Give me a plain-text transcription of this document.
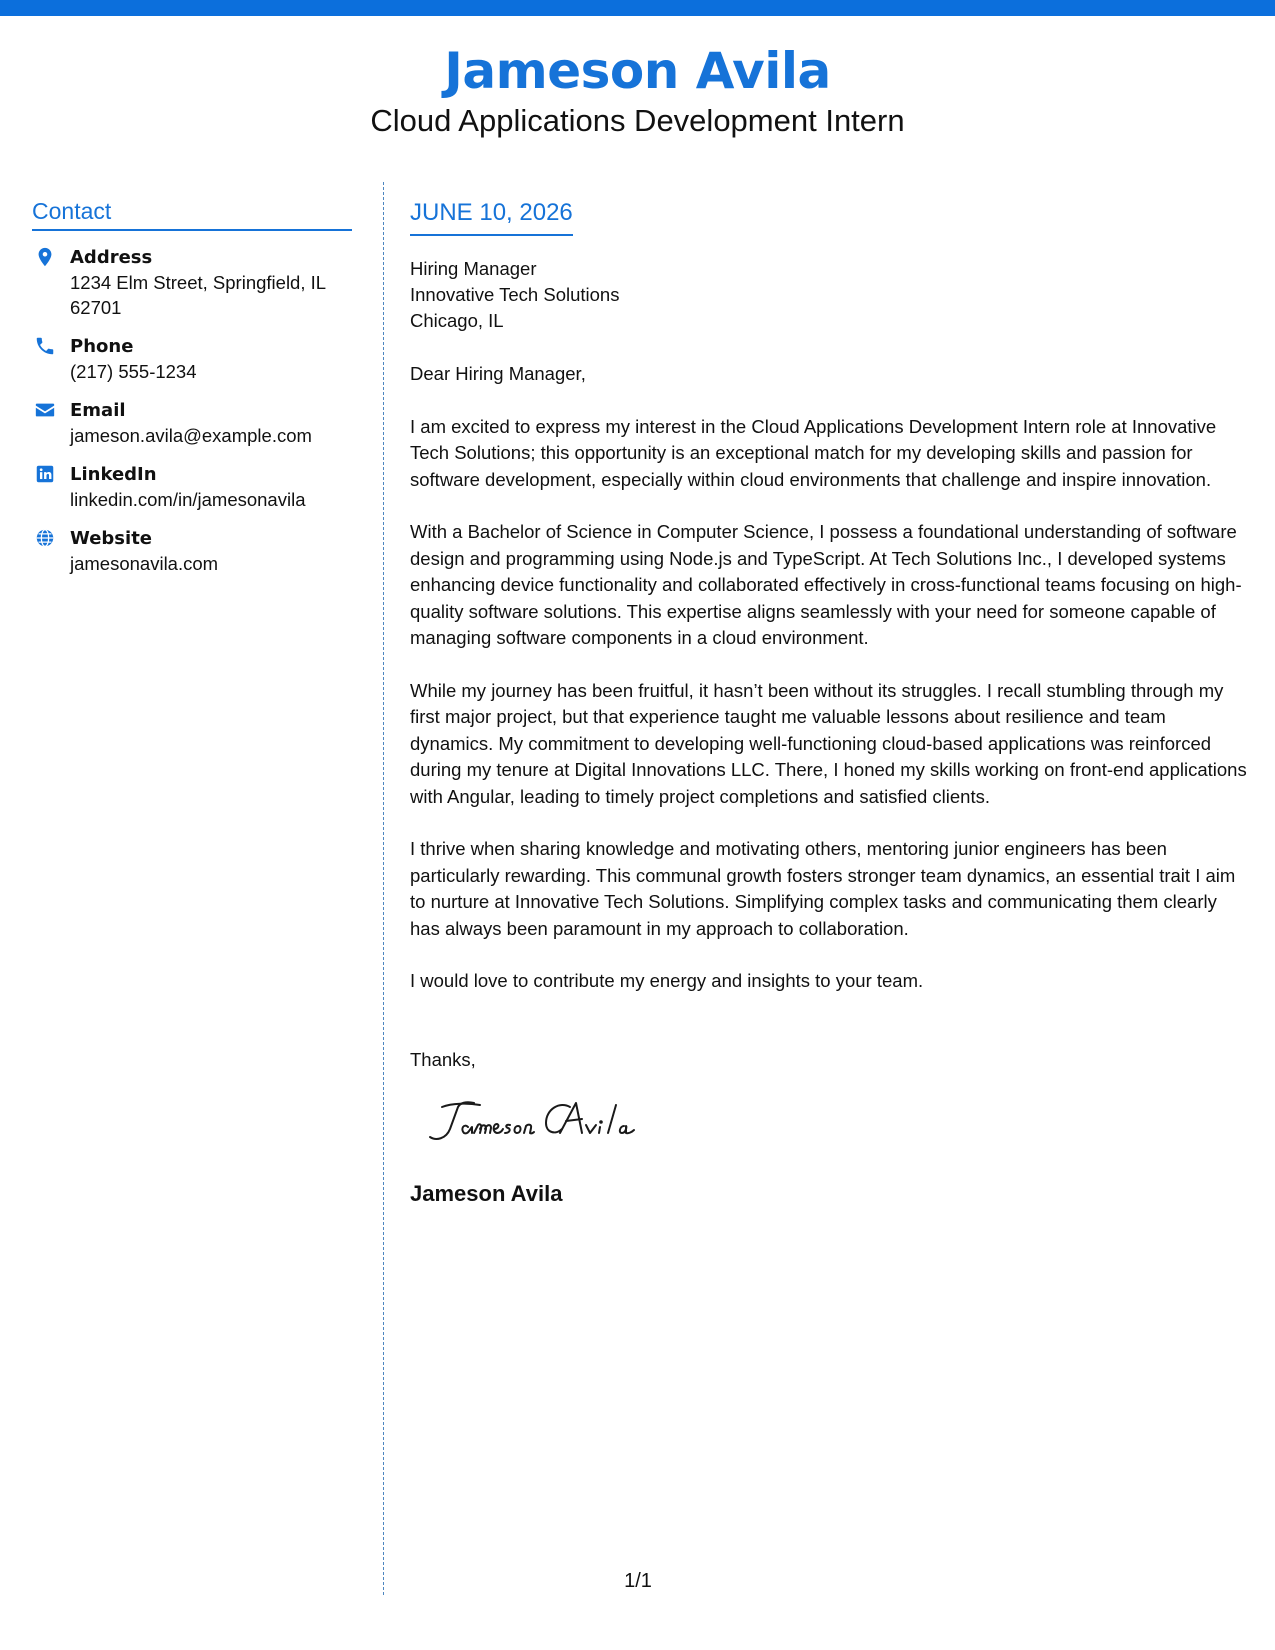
Jameson Avila
Cloud Applications Development Intern
Contact
Address
1234 Elm Street, Springfield, IL
62701
Phone
(217) 555-1234
Email
jameson.avila@example.com
LinkedIn
linkedin.com/in/jamesonavila
Website
jamesonavila.com
JUNE 10, 2026
Hiring Manager
Innovative Tech Solutions
Chicago, IL
Dear Hiring Manager,
I am excited to express my interest in the Cloud Applications Development Intern role at Innovative Tech Solutions; this opportunity is an exceptional match for my developing skills and passion for software development, especially within cloud environments that challenge and inspire innovation.
With a Bachelor of Science in Computer Science, I possess a foundational understanding of software design and programming using Node.js and TypeScript. At Tech Solutions Inc., I developed systems enhancing device functionality and collaborated effectively in cross-functional teams focusing on high-quality software solutions. This expertise aligns seamlessly with your need for someone capable of managing software components in a cloud environment.
While my journey has been fruitful, it hasn’t been without its struggles. I recall stumbling through my first major project, but that experience taught me valuable lessons about resilience and team dynamics. My commitment to developing well-functioning cloud-based applications was reinforced during my tenure at Digital Innovations LLC. There, I honed my skills working on front-end applications with Angular, leading to timely project completions and satisfied clients.
I thrive when sharing knowledge and motivating others, mentoring junior engineers has been particularly rewarding. This communal growth fosters stronger team dynamics, an essential trait I aim to nurture at Innovative Tech Solutions. Simplifying complex tasks and communicating them clearly has always been paramount in my approach to collaboration.
I would love to contribute my energy and insights to your team.
Thanks,
Jameson Avila
1/1
